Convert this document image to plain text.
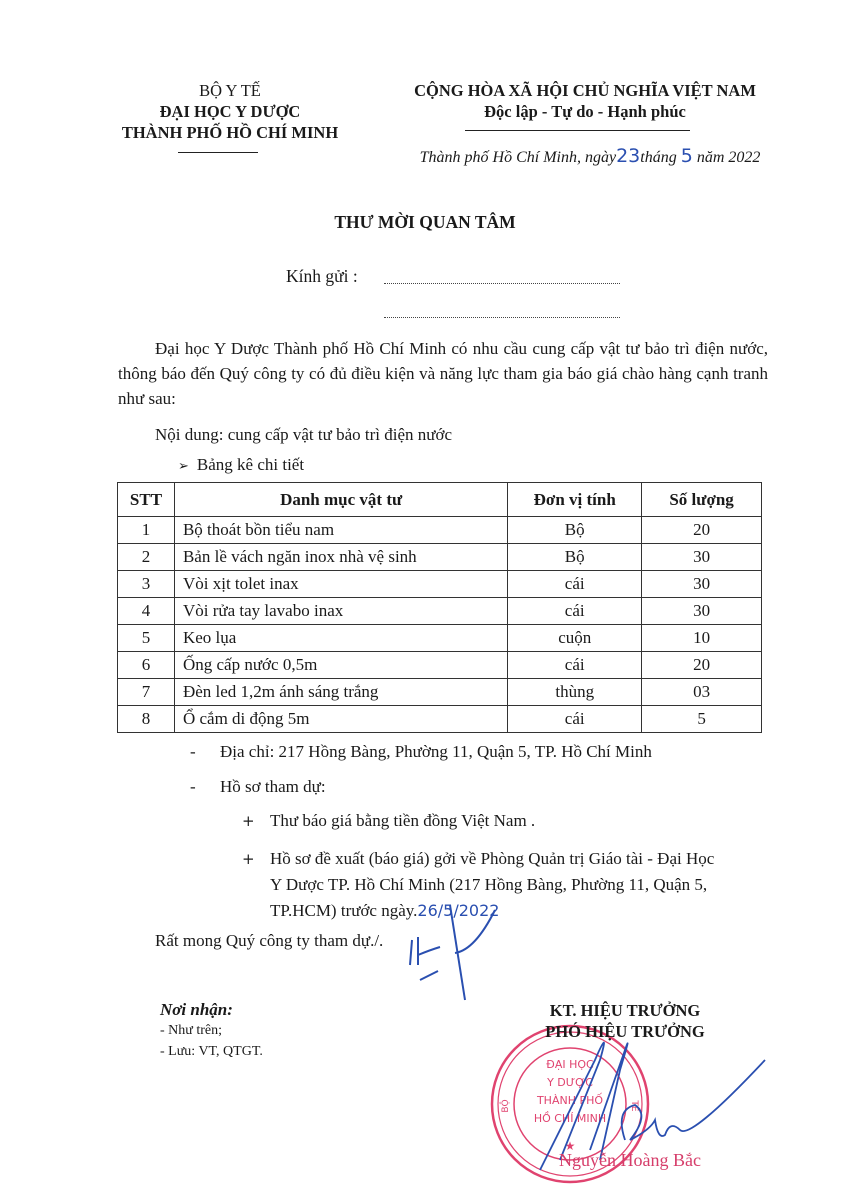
BỘ Y TẾ
ĐẠI HỌC Y DƯỢC
THÀNH PHỐ HỒ CHÍ MINH
CỘNG HÒA XÃ HỘI CHỦ NGHĨA VIỆT NAM
Độc lập - Tự do - Hạnh phúc
Thành phố Hồ Chí Minh, ngày23tháng 5 năm 2022
THƯ MỜI QUAN TÂM
Kính gửi :
Đại học Y Dược Thành phố Hồ Chí Minh có nhu cầu cung cấp vật tư bảo trì điện nước, thông báo đến Quý công ty có đủ điều kiện và năng lực tham gia báo giá chào hàng cạnh tranh như sau:
Nội dung: cung cấp vật tư bảo trì điện nước
➢ Bảng kê chi tiết
STT	Danh mục vật tư	Đơn vị tính	Số lượng
1	Bộ thoát bồn tiểu nam	Bộ	20
2	Bản lề vách ngăn inox nhà vệ sinh	Bộ	30
3	Vòi xịt tolet inax	cái	30
4	Vòi rửa tay lavabo inax	cái	30
5	Keo lụa	cuộn	10
6	Ống cấp nước 0,5m	cái	20
7	Đèn led 1,2m ánh sáng trắng	thùng	03
8	Ổ cắm di động 5m	cái	5
- Địa chỉ: 217 Hồng Bàng, Phường 11, Quận 5, TP. Hồ Chí Minh
- Hồ sơ tham dự:
+ Thư báo giá bằng tiền đồng Việt Nam .
+ Hồ sơ đề xuất (báo giá) gởi về Phòng Quản trị Giáo tài - Đại Học
Y Dược TP. Hồ Chí Minh (217 Hồng Bàng, Phường 11, Quận 5,
TP.HCM) trước ngày.26/5/2022
Rất mong Quý công ty tham dự./.
Nơi nhận:
- Như trên;
- Lưu: VT, QTGT.
ĐẠI HỌC
Y DƯỢC
THÀNH PHỐ
HỒ CHÍ MINH
BỘ	TẾ
★
KT. HIỆU TRƯỞNG
PHÓ HIỆU TRƯỞNG
Nguyễn Hoàng Bắc
